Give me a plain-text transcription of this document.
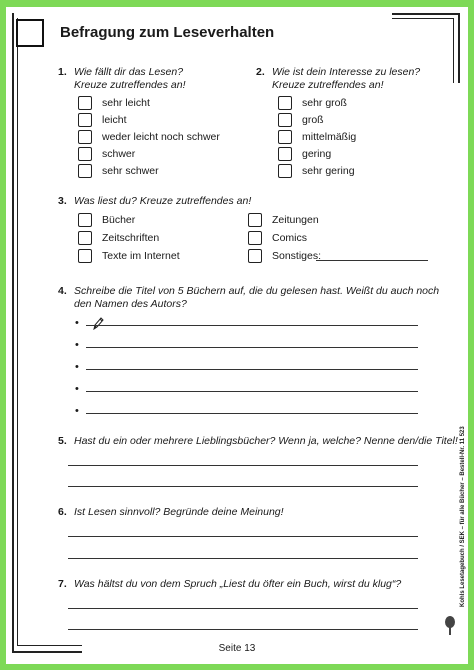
Befragung zum Leseverhalten
1. Wie fällt dir das Lesen?
Kreuze zutreffendes an!
sehr leicht
leicht
weder leicht noch schwer
schwer
sehr schwer
2. Wie ist dein Interesse zu lesen?
Kreuze zutreffendes an!
sehr groß
groß
mittelmäßig
gering
sehr gering
3. Was liest du? Kreuze zutreffendes an!
Bücher
Zeitschriften
Texte im Internet
Zeitungen
Comics
Sonstiges:
4. Schreibe die Titel von 5 Büchern auf, die du gelesen hast. Weißt du auch noch
den Namen des Autors?
•
•
•
•
•
5. Hast du ein oder mehrere Lieblingsbücher? Wenn ja, welche? Nenne den/die Titel!
6. Ist Lesen sinnvoll? Begründe deine Meinung!
7. Was hältst du von dem Spruch „Liest du öfter ein Buch, wirst du klug“?
Seite 13
Kohls Lesetagebuch / SEK – für alle Bücher – Bestell-Nr. 11 523
